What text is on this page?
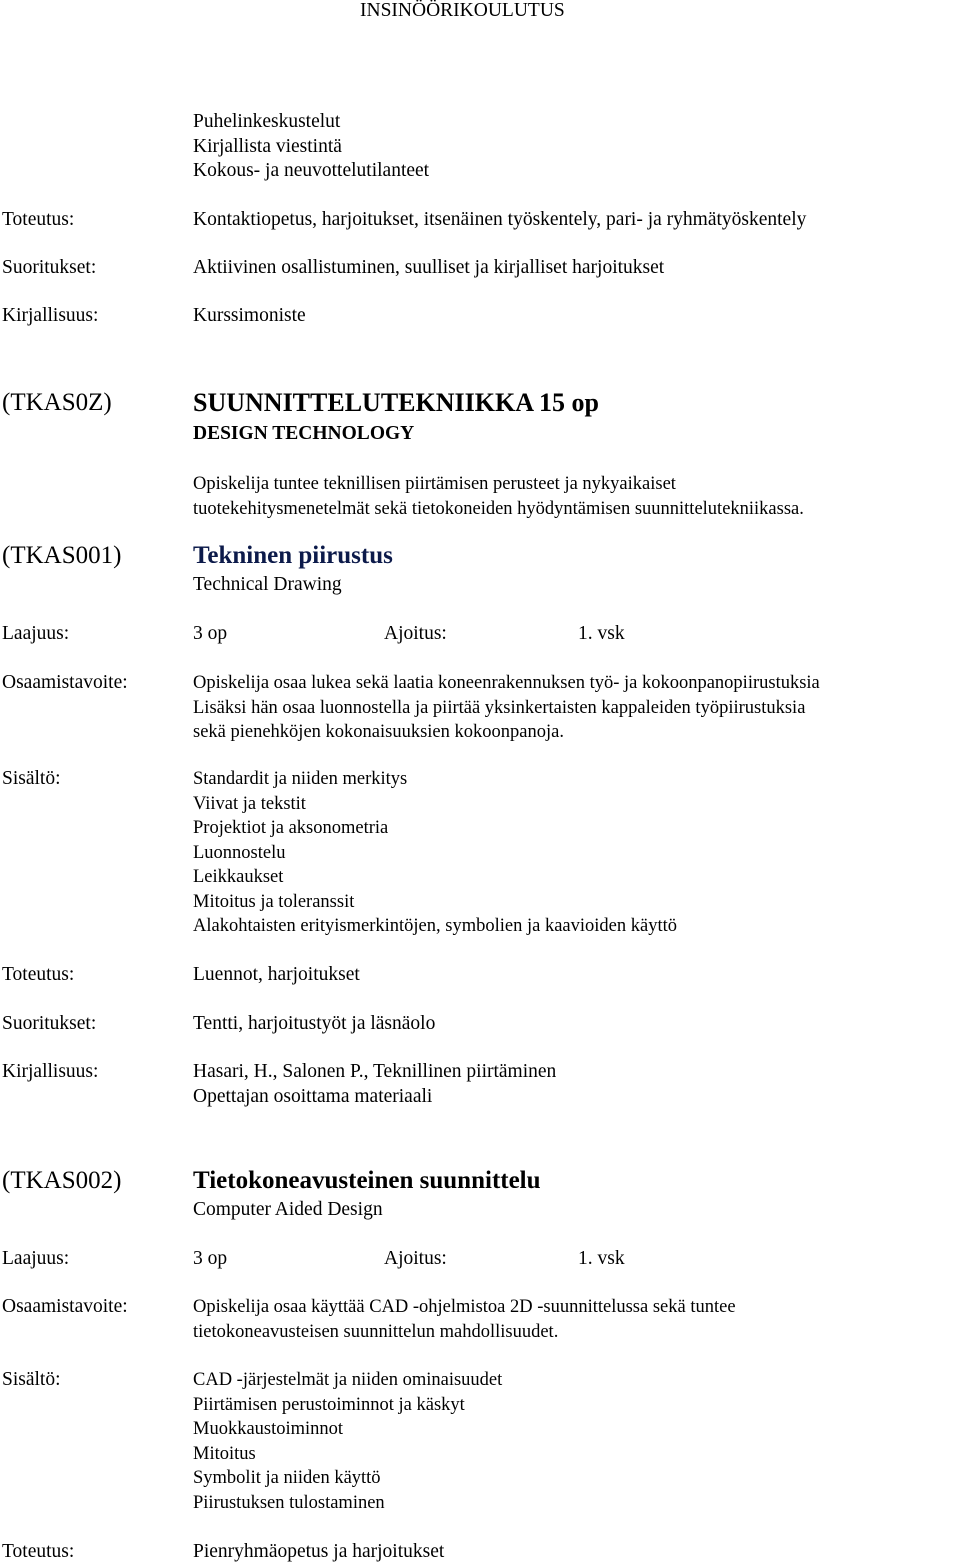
INSINÖÖRIKOULUTUS
Puhelinkeskustelut
Kirjallista viestintä
Kokous- ja neuvottelutilanteet
Toteutus:	Kontaktiopetus, harjoitukset, itsenäinen työskentely, pari- ja ryhmätyöskentely
Suoritukset:	Aktiivinen osallistuminen, suulliset ja kirjalliset harjoitukset
Kirjallisuus:	Kurssimoniste
(TKAS0Z)	SUUNNITTELUTEKNIIKKA 15 op
DESIGN TECHNOLOGY
Opiskelija tuntee teknillisen piirtämisen perusteet ja nykyaikaiset
tuotekehitysmenetelmät sekä tietokoneiden hyödyntämisen suunnittelutekniikassa.
(TKAS001)	Tekninen piirustus
Technical Drawing
Laajuus:	3 op	Ajoitus:	1. vsk
Osaamistavoite:	Opiskelija osaa lukea sekä laatia koneenrakennuksen työ- ja kokoonpanopiirustuksia
Lisäksi hän osaa luonnostella ja piirtää yksinkertaisten kappaleiden työpiirustuksia
sekä pienehköjen kokonaisuuksien kokoonpanoja.
Sisältö:	Standardit ja niiden merkitys
Viivat ja tekstit
Projektiot ja aksonometria
Luonnostelu
Leikkaukset
Mitoitus ja toleranssit
Alakohtaisten erityismerkintöjen, symbolien ja kaavioiden käyttö
Toteutus:	Luennot, harjoitukset
Suoritukset:	Tentti, harjoitustyöt ja läsnäolo
Kirjallisuus:	Hasari, H., Salonen P., Teknillinen piirtäminen
Opettajan osoittama materiaali
(TKAS002)	Tietokoneavusteinen suunnittelu
Computer Aided Design
Laajuus:	3 op	Ajoitus:	1. vsk
Osaamistavoite:	Opiskelija osaa käyttää CAD -ohjelmistoa 2D -suunnittelussa sekä tuntee
tietokoneavusteisen suunnittelun mahdollisuudet.
Sisältö:	CAD -järjestelmät ja niiden ominaisuudet
Piirtämisen perustoiminnot ja käskyt
Muokkaustoiminnot
Mitoitus
Symbolit ja niiden käyttö
Piirustuksen tulostaminen
Toteutus:	Pienryhmäopetus ja harjoitukset
